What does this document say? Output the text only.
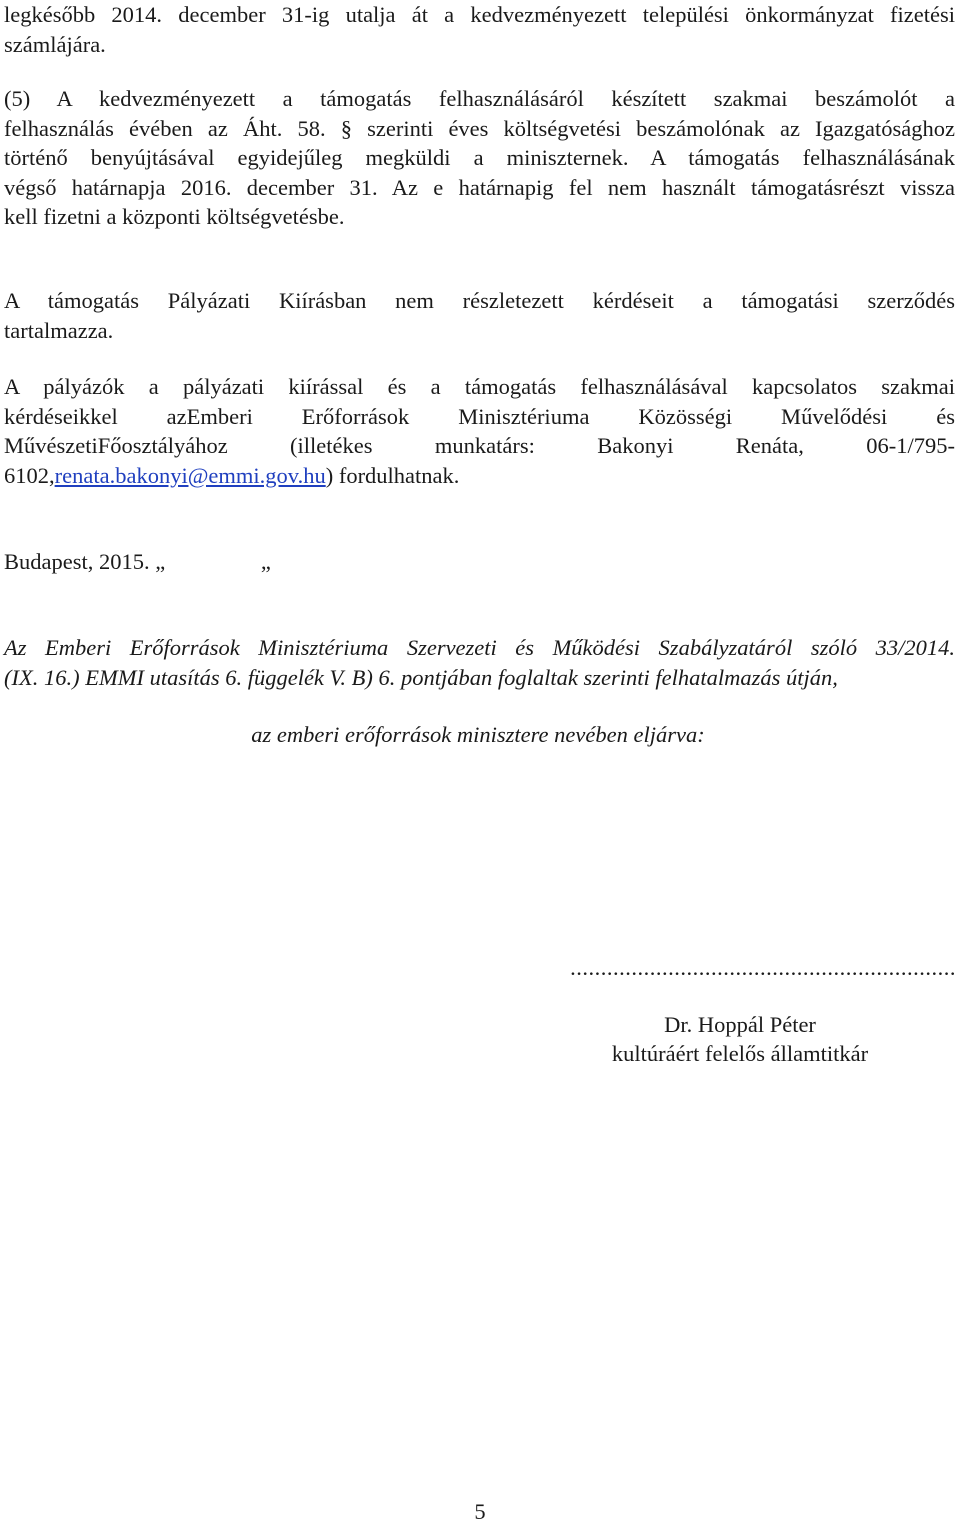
legkésőbb 2014. december 31-ig utalja át a kedvezményezett települési önkormányzat fizetési
számlájára.
(5) A kedvezményezett a támogatás felhasználásáról készített szakmai beszámolót a
felhasználás évében az Áht. 58. § szerinti éves költségvetési beszámolónak az Igazgatósághoz
történő benyújtásával egyidejűleg megküldi a miniszternek. A támogatás felhasználásának
végső határnapja 2016. december 31. Az e határnapig fel nem használt támogatásrészt vissza
kell fizetni a központi költségvetésbe.
A támogatás Pályázati Kiírásban nem részletezett kérdéseit a támogatási szerződés
tartalmazza.
A pályázók a pályázati kiírással és a támogatás felhasználásával kapcsolatos szakmai
kérdéseikkel azEmberi Erőforrások Minisztériuma Közösségi Művelődési és
MűvészetiFőosztályához (illetékes munkatárs: Bakonyi Renáta, 06-1/795-
6102,renata.bakonyi@emmi.gov.hu) fordulhatnak.
Budapest, 2015. „                 „
Az Emberi Erőforrások Minisztériuma Szervezeti és Működési Szabályzatáról szóló 33/2014.
(IX. 16.) EMMI utasítás 6. függelék V. B) 6. pontjában foglaltak szerinti felhatalmazás útján,
az emberi erőforrások minisztere nevében eljárva:
...............................................................
Dr. Hoppál Péter
kultúráért felelős államtitkár
5
